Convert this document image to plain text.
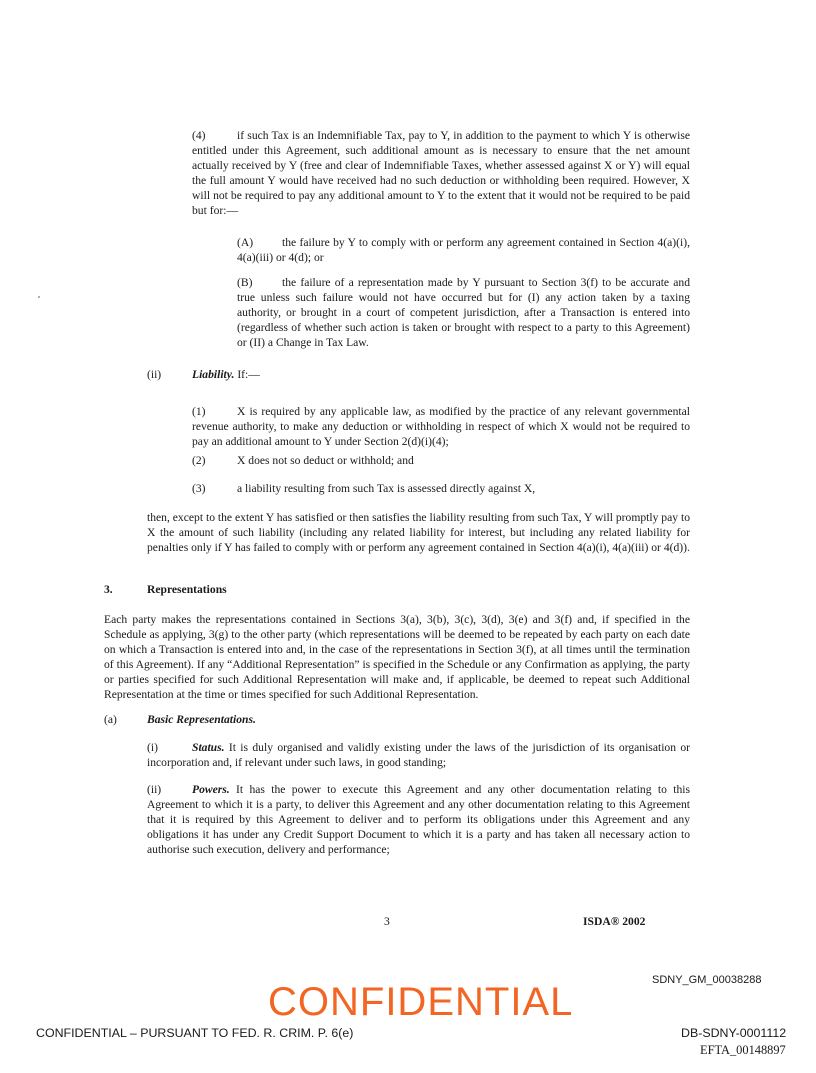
(4)	if such Tax is an Indemnifiable Tax, pay to Y, in addition to the payment to which Y is otherwise entitled under this Agreement, such additional amount as is necessary to ensure that the net amount actually received by Y (free and clear of Indemnifiable Taxes, whether assessed against X or Y) will equal the full amount Y would have received had no such deduction or withholding been required. However, X will not be required to pay any additional amount to Y to the extent that it would not be required to be paid but for:—

(A) the failure by Y to comply with or perform any agreement contained in Section 4(a)(i), 4(a)(iii) or 4(d); or

(B)	the failure of a representation made by Y pursuant to Section 3(f) to be accurate and true unless such failure would not have occurred but for (I) any action taken by a taxing authority, or brought in a court of competent jurisdiction, after a Transaction is entered into (regardless of whether such action is taken or brought with respect to a party to this Agreement) or (II) a Change in Tax Law.

(ii)	Liability. If:—

(1)	X is required by any applicable law, as modified by the practice of any relevant governmental revenue authority, to make any deduction or withholding in respect of which X would not be required to pay an additional amount to Y under Section 2(d)(i)(4);

(2)	X does not so deduct or withhold; and

(3)	a liability resulting from such Tax is assessed directly against X,

then, except to the extent Y has satisfied or then satisfies the liability resulting from such Tax, Y will promptly pay to X the amount of such liability (including any related liability for interest, but including any related liability for penalties only if Y has failed to comply with or perform any agreement contained in Section 4(a)(i), 4(a)(iii) or 4(d)).

3.	Representations

Each party makes the representations contained in Sections 3(a), 3(b), 3(c), 3(d), 3(e) and 3(f) and, if specified in the Schedule as applying, 3(g) to the other party (which representations will be deemed to be repeated by each party on each date on which a Transaction is entered into and, in the case of the representations in Section 3(f), at all times until the termination of this Agreement). If any “Additional Representation” is specified in the Schedule or any Confirmation as applying, the party or parties specified for such Additional Representation will make and, if applicable, be deemed to repeat such Additional Representation at the time or times specified for such Additional Representation.

(a)	Basic Representations.

(i)	Status. It is duly organised and validly existing under the laws of the jurisdiction of its organisation or incorporation and, if relevant under such laws, in good standing;

(ii)	Powers. It has the power to execute this Agreement and any other documentation relating to this Agreement to which it is a party, to deliver this Agreement and any other documentation relating to this Agreement that it is required by this Agreement to deliver and to perform its obligations under this Agreement and any obligations it has under any Credit Support Document to which it is a party and has taken all necessary action to authorise such execution, delivery and performance;

3	ISDA® 2002
SDNY_GM_00038288
CONFIDENTIAL
CONFIDENTIAL – PURSUANT TO FED. R. CRIM. P. 6(e)	DB-SDNY-0001112
EFTA_00148897
